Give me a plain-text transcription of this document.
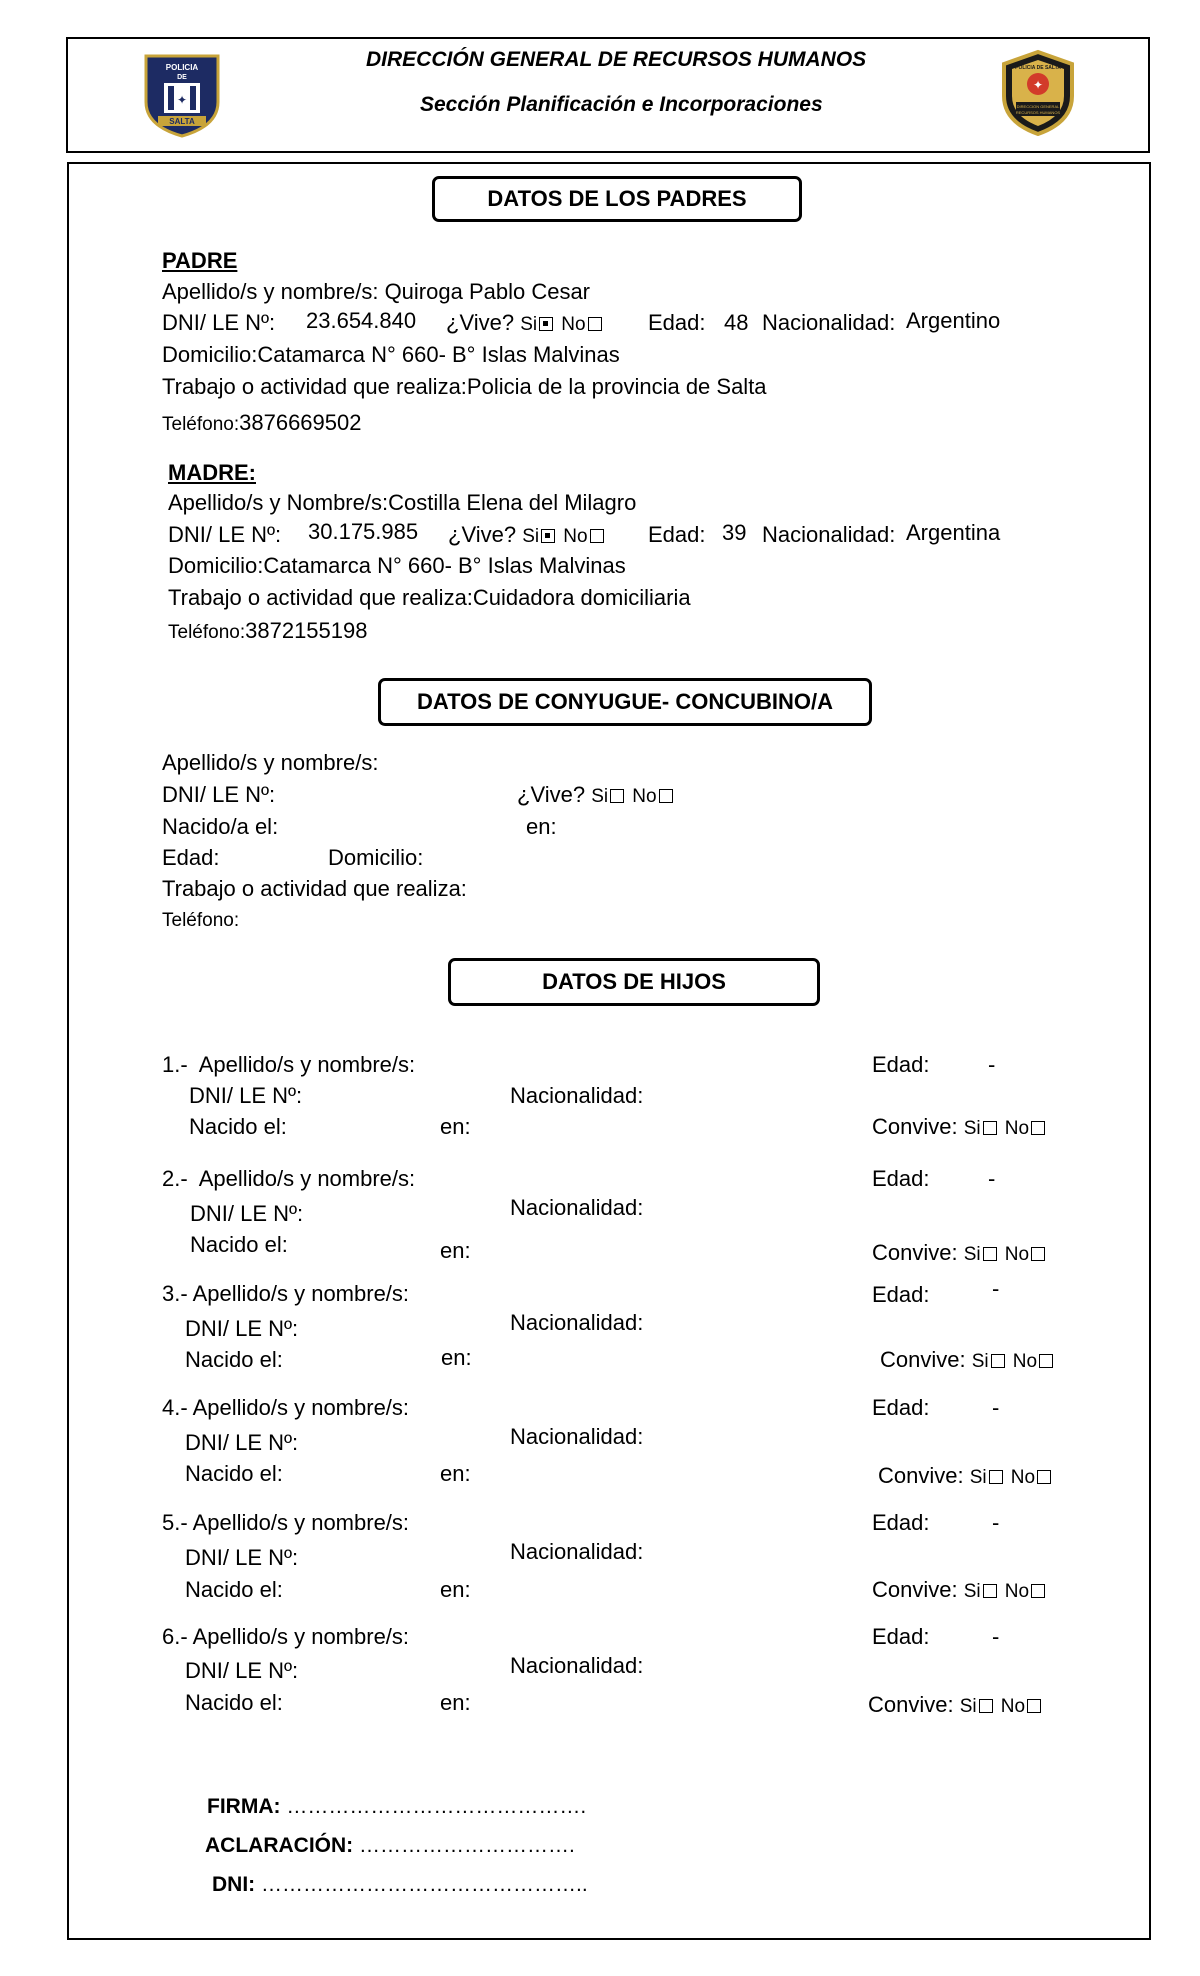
POLICIA
DE
✦
SALTA
DIRECCIÓN GENERAL DE RECURSOS HUMANOS
Sección Planificación e Incorporaciones
✦
POLICIA DE SALTA
DIRECCION GENERAL
RECURSOS HUMANOS
DATOS DE LOS PADRES
PADRE
Apellido/s y nombre/s: Quiroga Pablo Cesar
DNI/ LE Nº: 23.654.840 ¿Vive? Si No	Edad: 48 Nacionalidad: Argentino
Domicilio:Catamarca N° 660- B° Islas Malvinas
Trabajo o actividad que realiza:Policia de la provincia de Salta
Teléfono:3876669502
MADRE:
Apellido/s y Nombre/s:Costilla Elena del Milagro
DNI/ LE Nº: 30.175.985 ¿Vive? Si No	Edad: 39 Nacionalidad: Argentina
Domicilio:Catamarca N° 660- B° Islas Malvinas
Trabajo o actividad que realiza:Cuidadora domiciliaria
Teléfono:3872155198
DATOS DE CONYUGUE- CONCUBINO/A
Apellido/s y nombre/s:
DNI/ LE Nº:	¿Vive? Si No
Nacido/a el:	en:
Edad:	Domicilio:
Trabajo o actividad que realiza:
Teléfono:
DATOS DE HIJOS
1.- Apellido/s y nombre/s:	Edad:	-
DNI/ LE Nº:	Nacionalidad:
Nacido el:	en:	Convive: Si No
2.- Apellido/s y nombre/s:	Edad:	-
DNI/ LE Nº:	Nacionalidad:
Nacido el:	en:	Convive: Si No
3.- Apellido/s y nombre/s:	Edad:	-
DNI/ LE Nº:	Nacionalidad:
Nacido el:	en:	Convive: Si No
4.- Apellido/s y nombre/s:	Edad:	-
DNI/ LE Nº:	Nacionalidad:
Nacido el:	en:	Convive: Si No
5.- Apellido/s y nombre/s:	Edad:	-
DNI/ LE Nº:	Nacionalidad:
Nacido el:	en:	Convive: Si No
6.- Apellido/s y nombre/s:	Edad:	-
DNI/ LE Nº:	Nacionalidad:
Nacido el:	en:	Convive: Si No
FIRMA: …………………………………….
ACLARACIÓN: ………………………….
DNI: ………………………………………..
